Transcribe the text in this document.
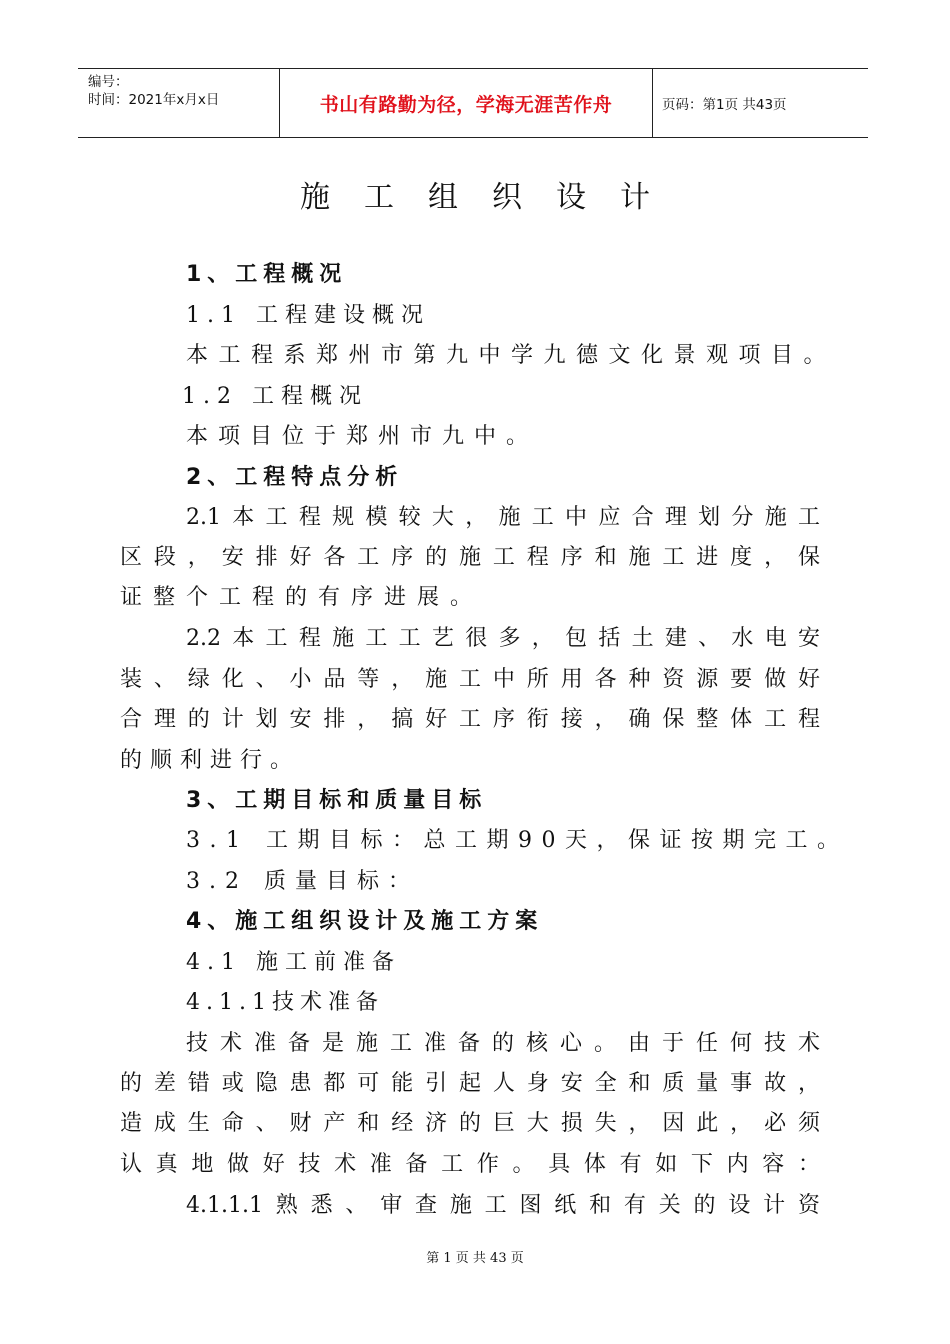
编号：
时间：2021年x月x日	书山有路勤为径，学海无涯苦作舟	页码：第1页 共43页
施工组织设计
1、工程概况
1.1 工程建设概况
本工程系郑州市第九中学九德文化景观项目。
1.2 工程概况
本项目位于郑州市九中。
2、工程特点分析
2.1本工程规模较大，施工中应合理划分施工
区段，安排好各工序的施工程序和施工进度，保
证整个工程的有序进展。
2.2本工程施工工艺很多，包括土建、水电安
装、绿化、小品等，施工中所用各种资源要做好
合理的计划安排，搞好工序衔接，确保整体工程
的顺利进行。
3、工期目标和质量目标
3.1 工期目标：总工期90天，保证按期完工。
3.2 质量目标：
4、施工组织设计及施工方案
4.1 施工前准备
4.1.1技术准备
技术准备是施工准备的核心。由于任何技术
的差错或隐患都可能引起人身安全和质量事故，
造成生命、财产和经济的巨大损失，因此，必须
认真地做好技术准备工作。具体有如下内容：
4.1.1.1熟悉、审查施工图纸和有关的设计资
第 1 页 共 43 页
